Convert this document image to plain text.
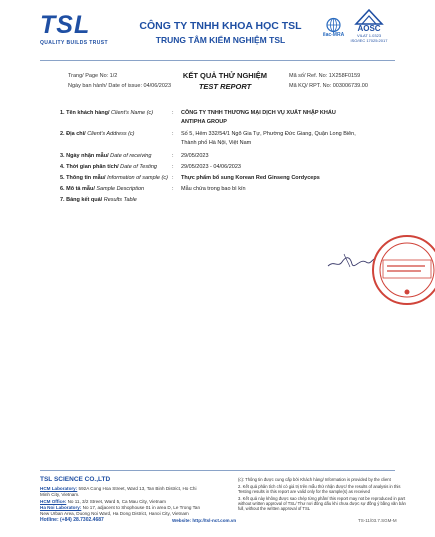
TSL
QUALITY BUILDS TRUST
CÔNG TY TNHH KHOA HỌC TSL
TRUNG TÂM KIỂM NGHIỆM TSL	ilac-MRA
AOSC
VILAT 1.0323
ISO/IEC 17025:2017
Trang/ Page No: 1/2
Ngày ban hành/ Date of issue: 04/06/2023
KẾT QUẢ THỬ NGHIỆM
TEST REPORT
Mã số/ Ref. No: 1X258F0159
Mã KQ/ RPT. No: 003006739.00
1. Tên khách hàng/ Client's Name (c)	: CÔNG TY TNHH THƯƠNG MẠI DỊCH VỤ XUẤT NHẬP KHẨU
ANTIPHA GROUP
2. Địa chỉ/ Client's Address (c)	: Số 5, Hẻm 332/54/1 Ngõ Gia Tự, Phường Đức Giang, Quận Long Biên,
Thành phố Hà Nội, Việt Nam
3. Ngày nhận mẫu/ Date of receiving	: 29/05/2023
4. Thời gian phân tích/ Date of Testing	: 29/05/2023 - 04/06/2023
5. Thông tin mẫu/ Information of sample (c) : Thực phẩm bổ sung Korean Red Ginseng Cordyceps
6. Mô tả mẫu/ Sample Description	: Mẫu chứa trong bao bì kín
7. Bảng kết quả/ Results Table
TSL SCIENCE CO.,LTD
HCM Laboratory: 592A Cong Hoa Street, Ward 13, Tan Binh District, Ho Chi
Minh City, Vietnam.
HCM Office: No 11, 3/2 Street, Ward 5, Ca Mau City, Vietnam
Ha Noi Laboratory: No 17, adjacent to Shophouse 01 in area D, Le Trong Tan
New Urban Area, Duong Noi Ward, Ha Dong District, Hanoi City, Vietnam
Hotline: (+84) 28.7302.4687	Website: http://tsl-nct.com.vn
(c): Thông tin được cung cấp bởi Khách hàng/ Information is provided by the client
2. Kết quả phân tích chỉ có giá trị trên mẫu thử nhận được/ the results of analysis in this
Testing results in this report are valid only for the sample(s) as received
3. Kết quả này không được sao chép từng phần/ this report may not be reproduced in part
without written approval of TSL/ Thư nơi đông dấu khi chưa được sự đồng ý bằng văn bản
full, without the written approval of TSL
TS-11/03.7.SGM-M
